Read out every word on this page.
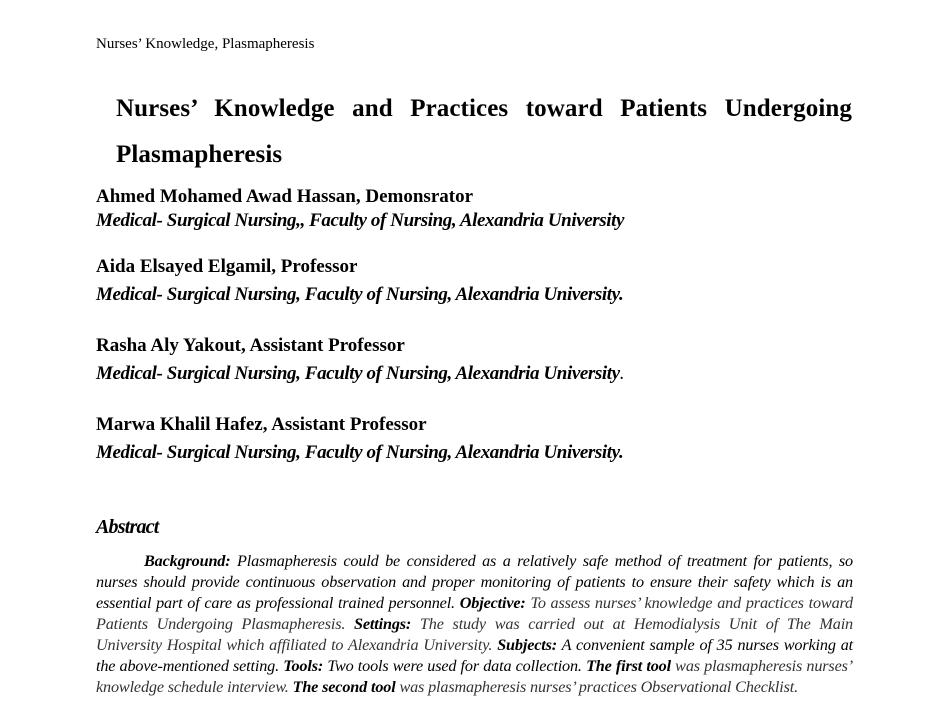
Nurses’ Knowledge, Plasmapheresis
Nurses’ Knowledge and Practices toward Patients Undergoing Plasmapheresis

Ahmed Mohamed Awad Hassan, Demonsrator

Medical- Surgical Nursing,, Faculty of Nursing, Alexandria University

Aida Elsayed Elgamil, Professor

Medical- Surgical Nursing, Faculty of Nursing, Alexandria University.

Rasha Aly Yakout, Assistant Professor

Medical- Surgical Nursing, Faculty of Nursing, Alexandria University.

Marwa Khalil Hafez, Assistant Professor

Medical- Surgical Nursing, Faculty of Nursing, Alexandria University.

Abstract

Background: Plasmapheresis could be considered as a relatively safe method of treatment for patients, so nurses should provide continuous observation and proper monitoring of patients to ensure their safety which is an essential part of care as professional trained personnel. Objective: To assess nurses’ knowledge and practices toward Patients Undergoing Plasmapheresis. Settings: The study was carried out at Hemodialysis Unit of The Main University Hospital which affiliated to Alexandria University. Subjects: A convenient sample of 35 nurses working at the above-mentioned setting. Tools: Two tools were used for data collection. The first tool was plasmapheresis nurses’ knowledge schedule interview. The second tool was plasmapheresis nurses’ practices Observational Checklist.
